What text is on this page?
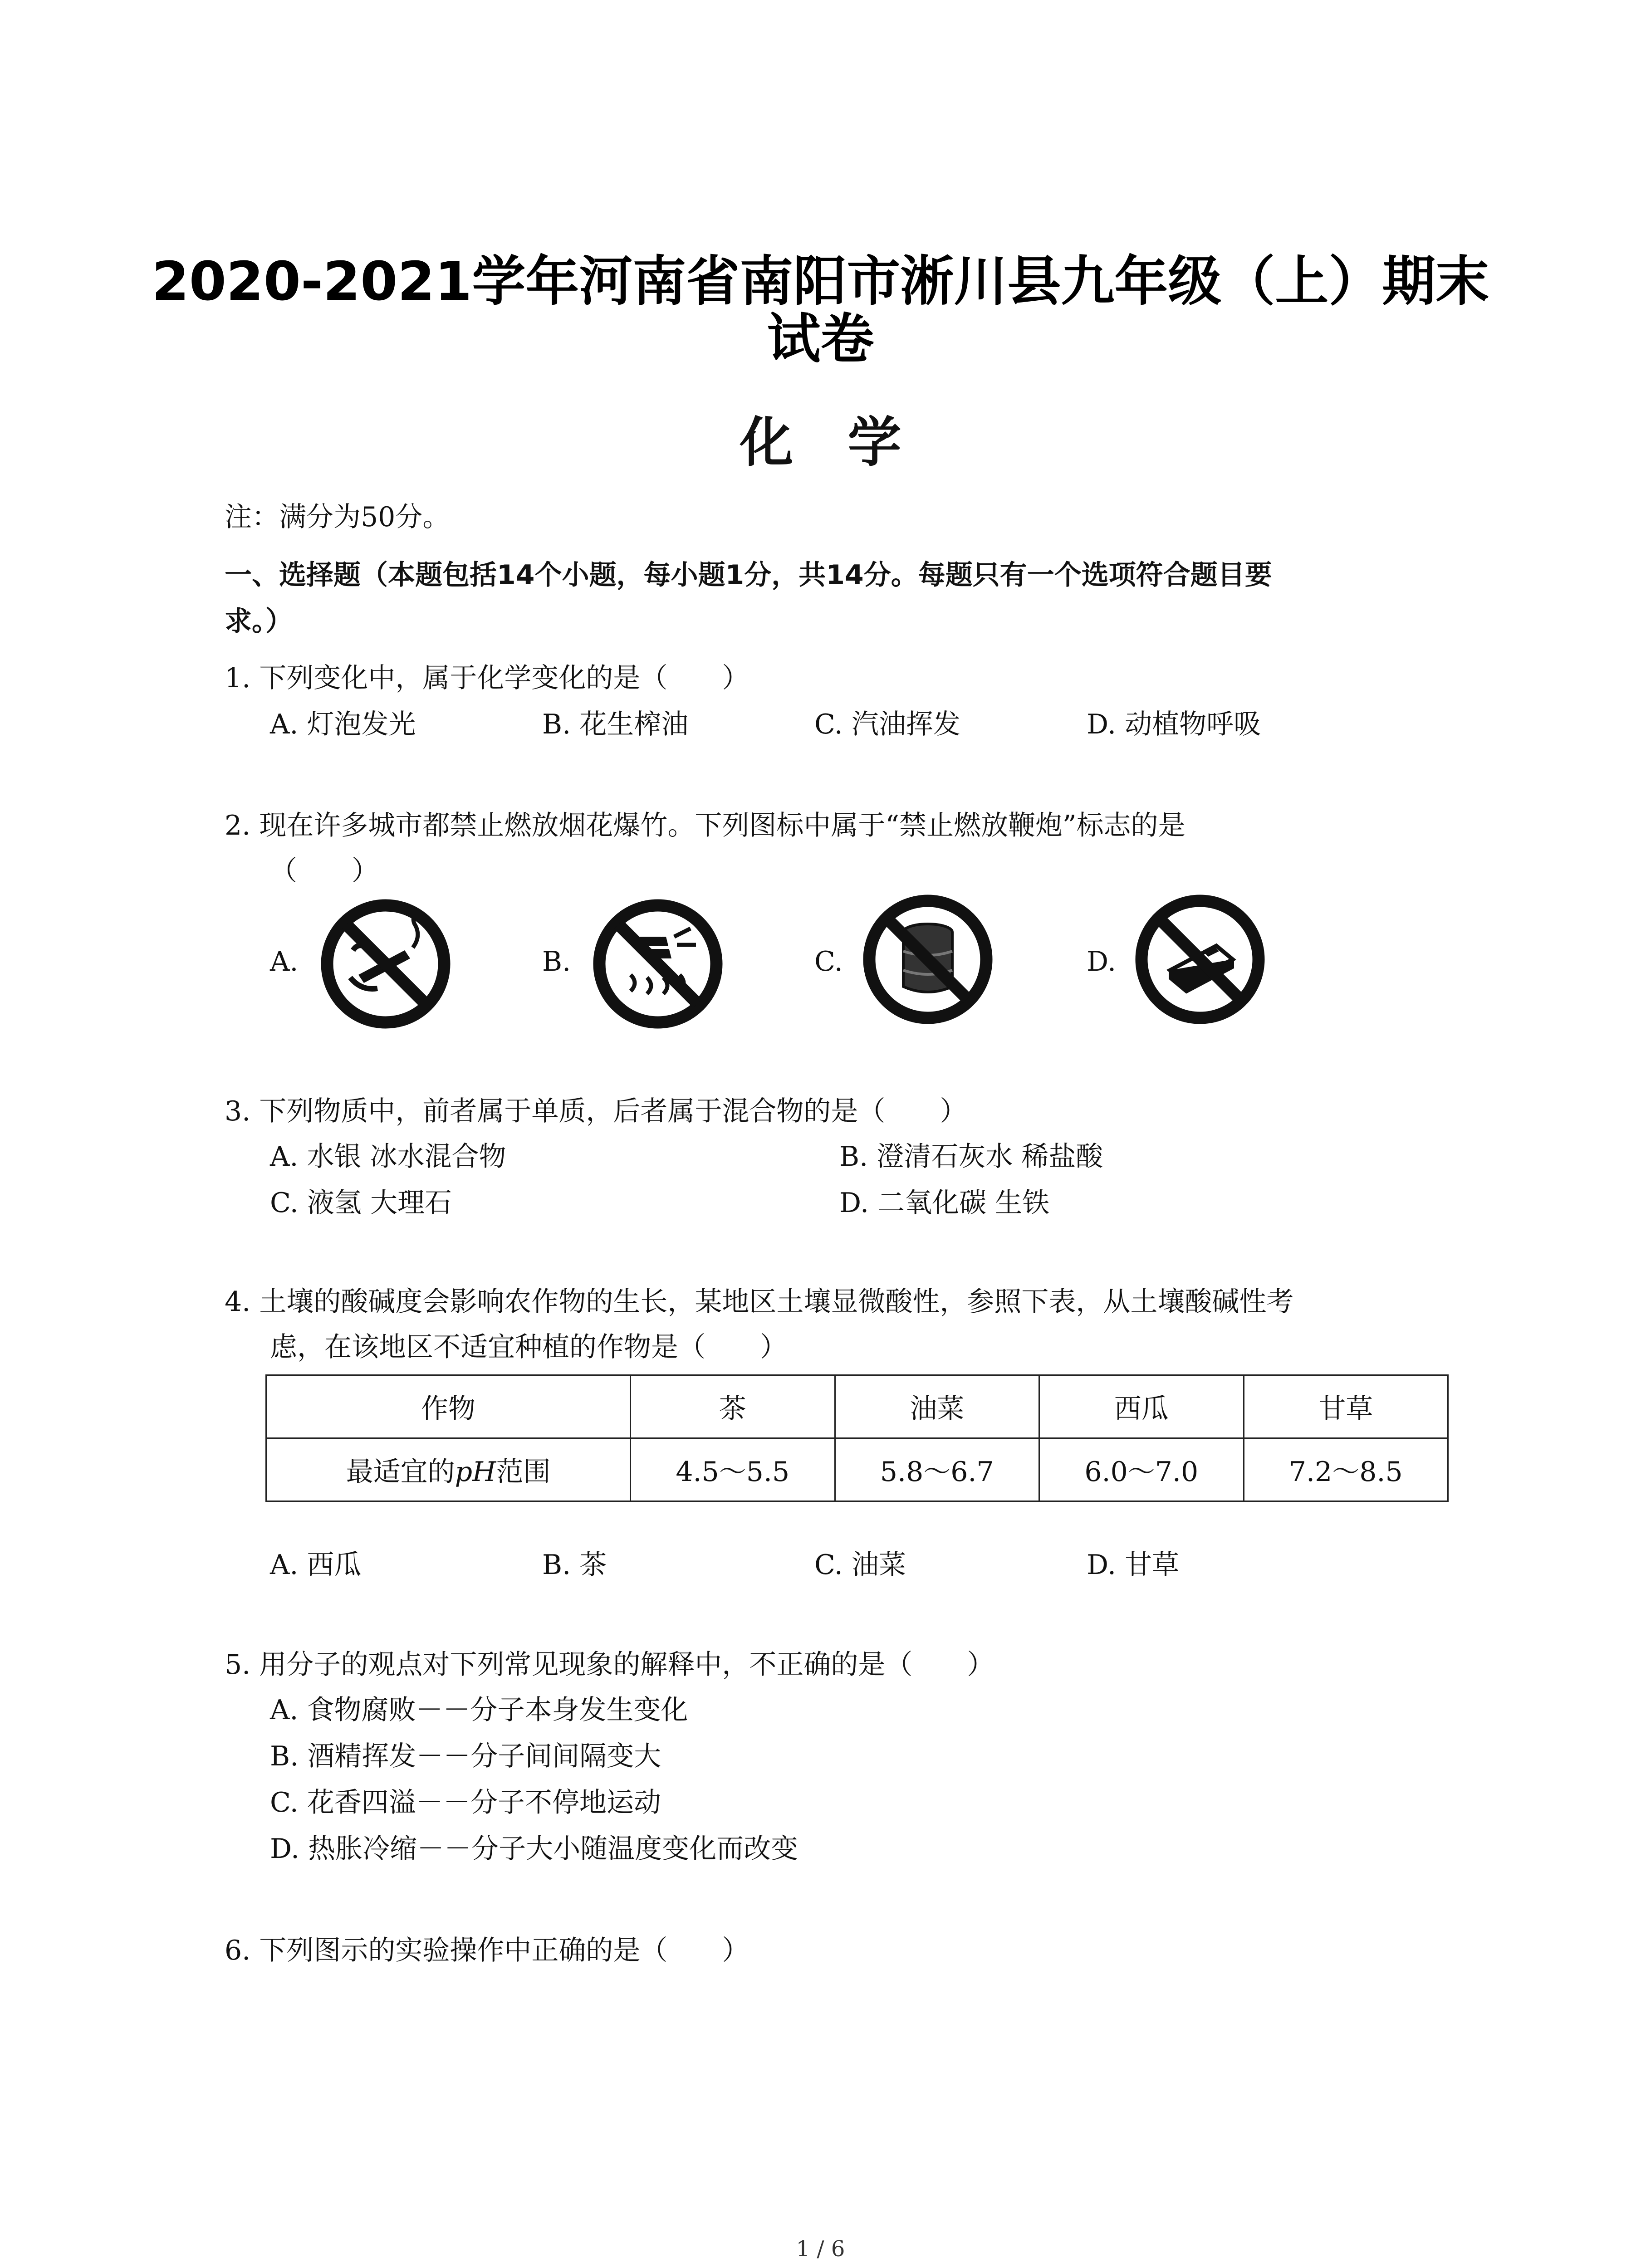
2020-2021学年河南省南阳市淅川县九年级（上）期末
试卷
化学
注：满分为50分。
一、选择题（本题包括14个小题，每小题1分，共14分。每题只有一个选项符合题目要
求。）
1. 下列变化中，属于化学变化的是（　　）
A. 灯泡发光	B. 花生榨油	C. 汽油挥发	D. 动植物呼吸
2. 现在许多城市都禁止燃放烟花爆竹。下列图标中属于“禁止燃放鞭炮”标志的是
（　　）
A.	B.	C.	D.
3. 下列物质中，前者属于单质，后者属于混合物的是（　　）
A. 水银 冰水混合物	B. 澄清石灰水 稀盐酸
C. 液氢 大理石	D. 二氧化碳 生铁
4. 土壤的酸碱度会影响农作物的生长，某地区土壤显微酸性，参照下表，从土壤酸碱性考
虑，在该地区不适宜种植的作物是（　　）
作物	茶	油菜	西瓜	甘草
最适宜的pH范围	4.5～5.5	5.8～6.7	6.0～7.0	7.2～8.5
A. 西瓜	B. 茶	C. 油菜	D. 甘草
5. 用分子的观点对下列常见现象的解释中，不正确的是（　　）
A. 食物腐败－－分子本身发生变化
B. 酒精挥发－－分子间间隔变大
C. 花香四溢－－分子不停地运动
D. 热胀冷缩－－分子大小随温度变化而改变
6. 下列图示的实验操作中正确的是（　　）
1 / 6
